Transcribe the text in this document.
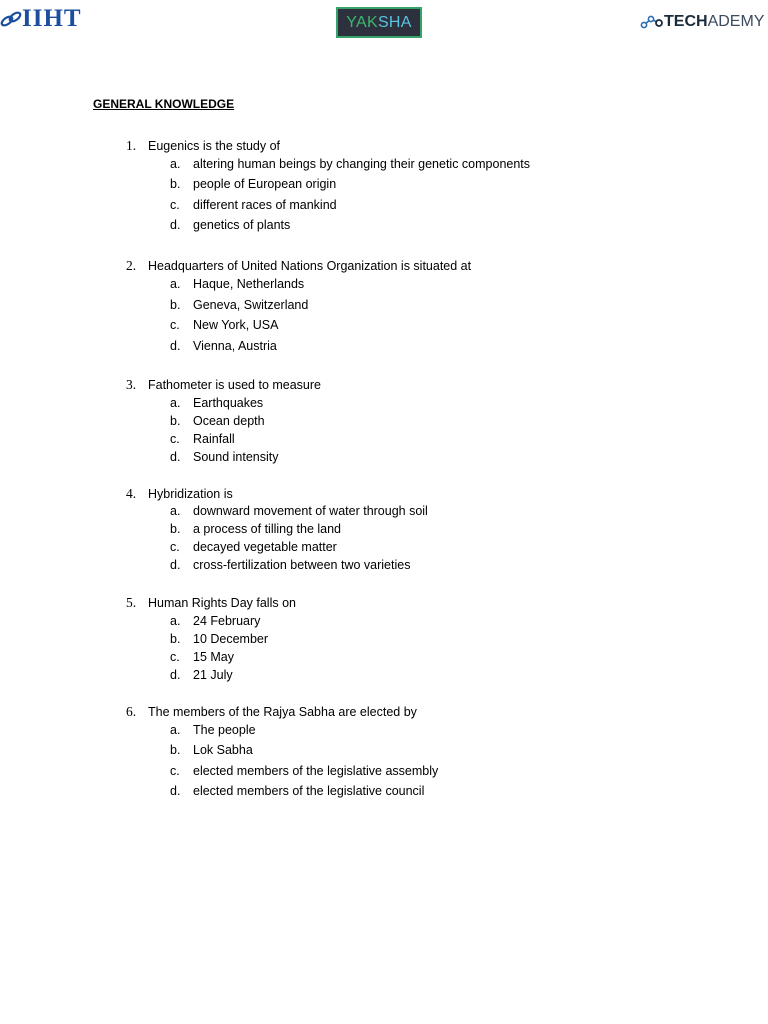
IIHT	YAK SHA	TECH ADEMY
GENERAL KNOWLEDGE
1. Eugenics is the study of
a. altering human beings by changing their genetic components
b. people of European origin
c. different races of mankind
d. genetics of plants
2. Headquarters of United Nations Organization is situated at
a. Haque, Netherlands
b. Geneva, Switzerland
c. New York, USA
d. Vienna, Austria
3. Fathometer is used to measure
a. Earthquakes
b. Ocean depth
c. Rainfall
d. Sound intensity
4. Hybridization is
a. downward movement of water through soil
b. a process of tilling the land
c. decayed vegetable matter
d. cross-fertilization between two varieties
5. Human Rights Day falls on
a. 24 February
b. 10 December
c. 15 May
d. 21 July
6. The members of the Rajya Sabha are elected by
a. The people
b. Lok Sabha
c. elected members of the legislative assembly
d. elected members of the legislative council
